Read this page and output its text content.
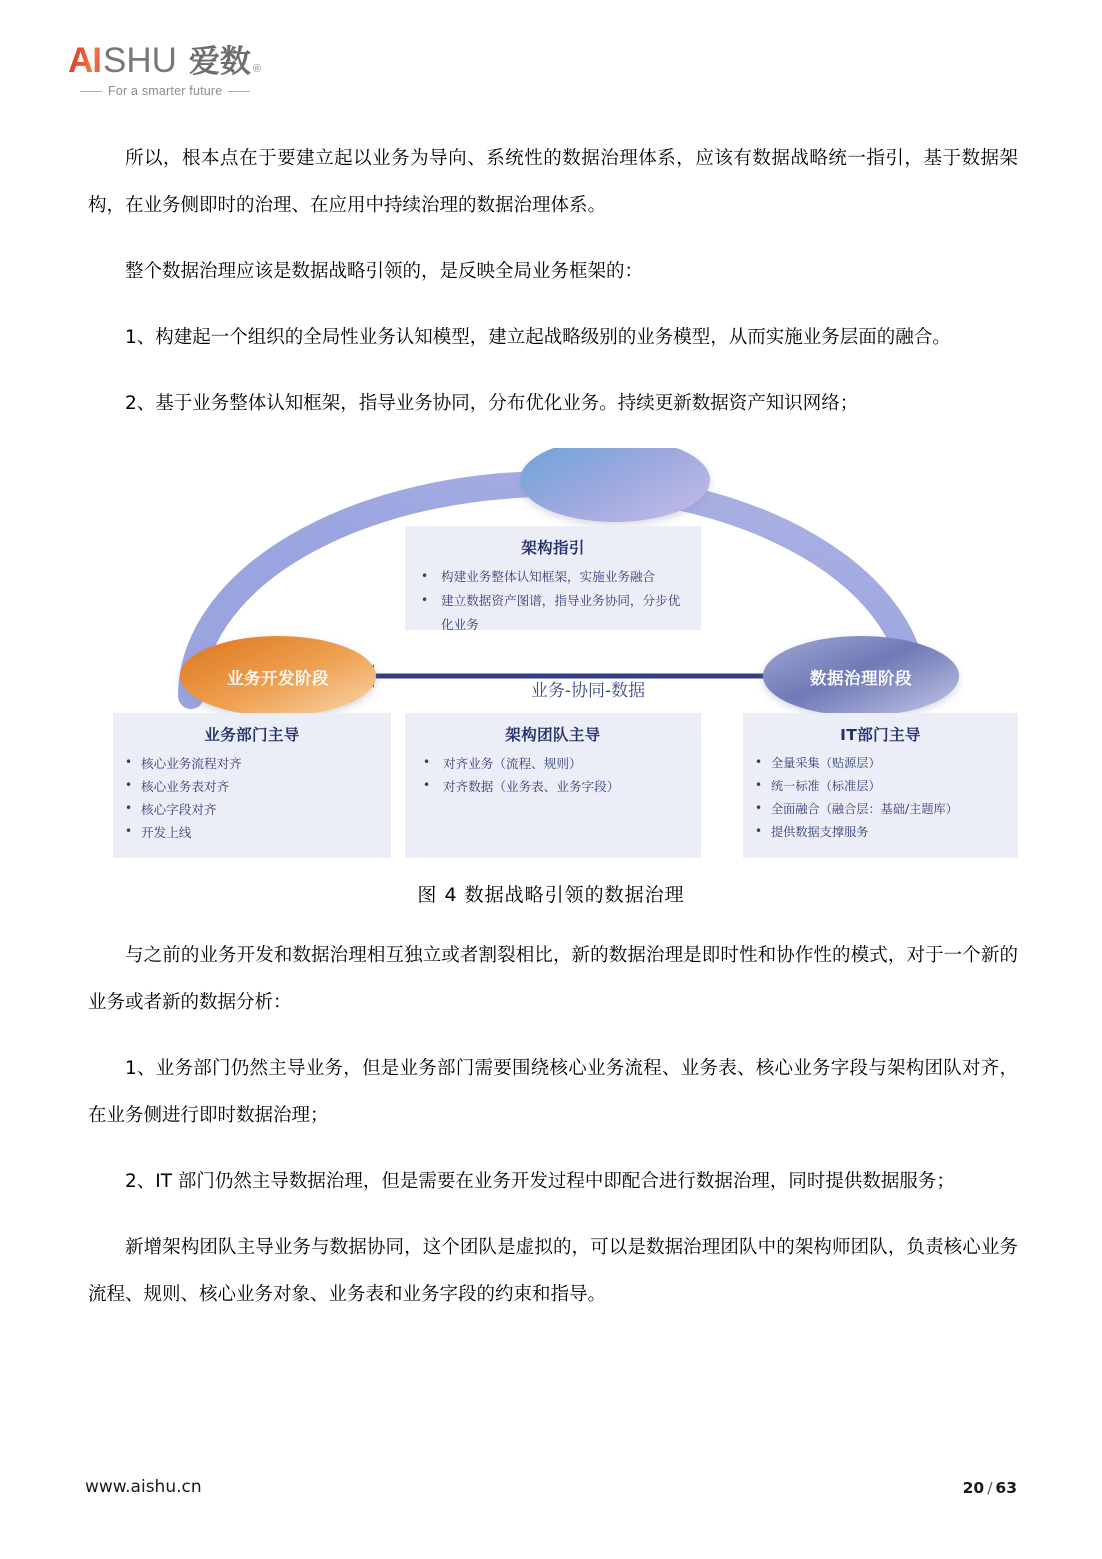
AI SHU 爱数 ®
For a smarter future

所以，根本点在于要建立起以业务为导向、系统性的数据治理体系，应该有数据战略统一指引，基于数据架构，在业务侧即时的治理、在应用中持续治理的数据治理体系。

整个数据治理应该是数据战略引领的，是反映全局业务框架的：

1、构建起一个组织的全局性业务认知模型，建立起战略级别的业务模型，从而实施业务层面的融合。

2、基于业务整体认知框架，指导业务协同，分布优化业务。持续更新数据资产知识网络；

业务开发阶段	数据治理阶段
业务-协同-数据
架构指引
• 构建业务整体认知框架，实施业务融合
• 建立数据资产图谱，指导业务协同，分步优化业务
业务部门主导
• 核心业务流程对齐
• 核心业务表对齐
• 核心字段对齐
• 开发上线
架构团队主导
• 对齐业务（流程、规则）
• 对齐数据（业务表、业务字段）
IT部门主导
• 全量采集（贴源层）
• 统一标准（标准层）
• 全面融合（融合层：基础/主题库）
• 提供数据支撑服务
图 4 数据战略引领的数据治理

与之前的业务开发和数据治理相互独立或者割裂相比，新的数据治理是即时性和协作性的模式，对于一个新的业务或者新的数据分析：

1、业务部门仍然主导业务，但是业务部门需要围绕核心业务流程、业务表、核心业务字段与架构团队对齐，在业务侧进行即时数据治理；

2、IT 部门仍然主导数据治理，但是需要在业务开发过程中即配合进行数据治理，同时提供数据服务；

新增架构团队主导业务与数据协同，这个团队是虚拟的，可以是数据治理团队中的架构师团队，负责核心业务流程、规则、核心业务对象、业务表和业务字段的约束和指导。

www.aishu.cn	20 / 63
